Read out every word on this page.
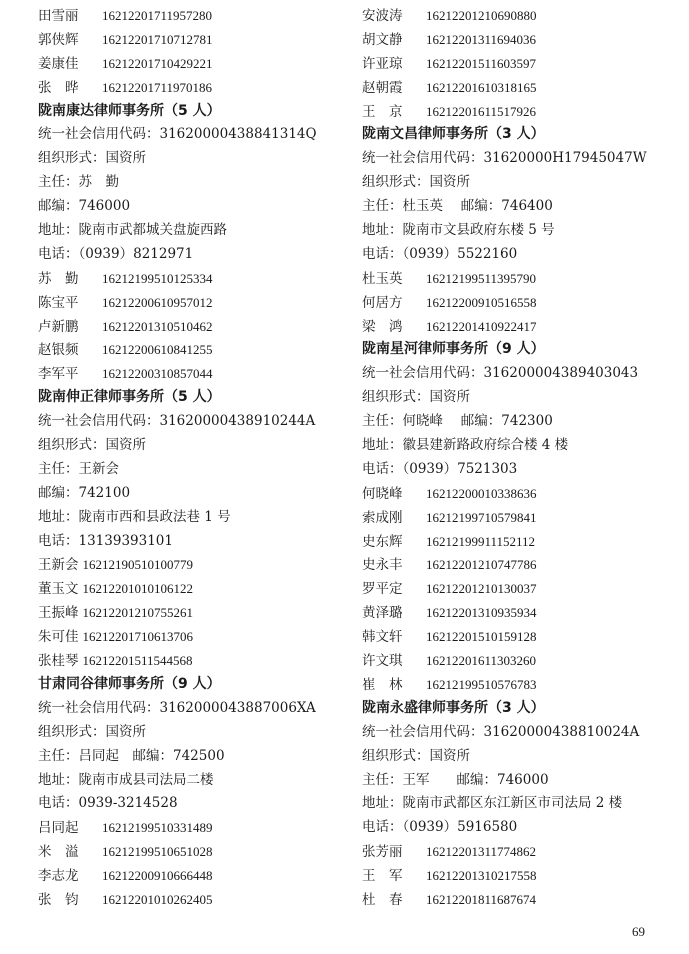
田雪丽 16212201711957280
郭侠辉 16212201710712781
姜康佳 16212201710429221
张　晔 16212201711970186
陇南康达律师事务所（5 人）
统一社会信用代码：31620000438841314Q
组织形式：国资所
主任：苏　勤
邮编：746000
地址：陇南市武都城关盘旋西路
电话：（0939）8212971
苏　勤 16212199510125334
陈宝平 16212200610957012
卢新鹏 16212201310510462
赵银频 16212200610841255
李军平 16212200310857044
陇南伸正律师事务所（5 人）
统一社会信用代码：31620000438910244A
组织形式：国资所
主任：王新会
邮编：742100
地址：陇南市西和县政法巷 1 号
电话：13139393101
王新会 16212190510100779
董玉文 16212201010106122
王振峰 16212201210755261
朱可佳 16212201710613706
张桂琴 16212201511544568
甘肃同谷律师事务所（9 人）
统一社会信用代码：3162000043887006XA
组织形式：国资所
主任：吕同起　邮编：742500
地址：陇南市成县司法局二楼
电话：0939-3214528
吕同起 16212199510331489
米　溢 16212199510651028
李志龙 16212200910666448
张　钧 16212201010262405
安波涛 16212201210690880
胡文静 16212201311694036
许亚琼 16212201511603597
赵朝霞 16212201610318165
王　京 16212201611517926
陇南文昌律师事务所（3 人）
统一社会信用代码：31620000H17945047W
组织形式：国资所
主任：杜玉英　 邮编：746400
地址：陇南市文县政府东楼 5 号
电话：（0939）5522160
杜玉英 16212199511395790
何居方 16212200910516558
梁　鸿 16212201410922417
陇南星河律师事务所（9 人）
统一社会信用代码：316200004389403043
组织形式：国资所
主任：何晓峰　 邮编：742300
地址：徽县建新路政府综合楼 4 楼
电话：（0939）7521303
何晓峰 16212200010338636
索成刚 16212199710579841
史东辉 16212199911152112
史永丰 16212201210747786
罗平定 16212201210130037
黄泽璐 16212201310935934
韩文轩 16212201510159128
许文琪 16212201611303260
崔　林 16212199510576783
陇南永盛律师事务所（3 人）
统一社会信用代码：31620000438810024A
组织形式：国资所
主任：王军　　邮编：746000
地址：陇南市武都区东江新区市司法局 2 楼
电话：（0939）5916580
张芳丽 16212201311774862
王　军 16212201310217558
杜　春 16212201811687674
69
